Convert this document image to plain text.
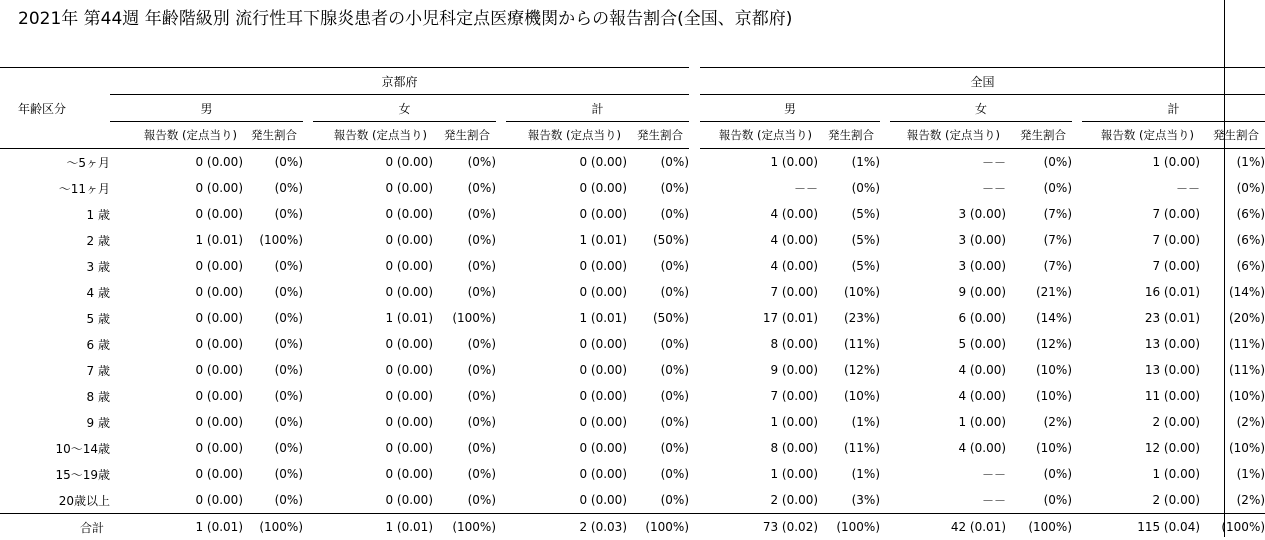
2021年 第44週 年齢階級別 流行性耳下腺炎患者の小児科定点医療機関からの報告割合(全国、京都府)
	京都府									全国							
年齢区分	男			女			計			男			女			計	
	報告数 (定点当り)	発生割合		報告数 (定点当り)	発生割合		報告数 (定点当り)	発生割合		報告数 (定点当り)	発生割合		報告数 (定点当り)	発生割合		報告数 (定点当り)	発生割合
～5ヶ月	0 (0.00)	(0%)		0 (0.00)	(0%)		0 (0.00)	(0%)		1 (0.00)	(1%)		－－	(0%)		1 (0.00)	(1%)
～11ヶ月	0 (0.00)	(0%)		0 (0.00)	(0%)		0 (0.00)	(0%)		－－	(0%)		－－	(0%)		－－	(0%)
1 歳	0 (0.00)	(0%)		0 (0.00)	(0%)		0 (0.00)	(0%)		4 (0.00)	(5%)		3 (0.00)	(7%)		7 (0.00)	(6%)
2 歳	1 (0.01)	(100%)		0 (0.00)	(0%)		1 (0.01)	(50%)		4 (0.00)	(5%)		3 (0.00)	(7%)		7 (0.00)	(6%)
3 歳	0 (0.00)	(0%)		0 (0.00)	(0%)		0 (0.00)	(0%)		4 (0.00)	(5%)		3 (0.00)	(7%)		7 (0.00)	(6%)
4 歳	0 (0.00)	(0%)		0 (0.00)	(0%)		0 (0.00)	(0%)		7 (0.00)	(10%)		9 (0.00)	(21%)		16 (0.01)	(14%)
5 歳	0 (0.00)	(0%)		1 (0.01)	(100%)		1 (0.01)	(50%)		17 (0.01)	(23%)		6 (0.00)	(14%)		23 (0.01)	(20%)
6 歳	0 (0.00)	(0%)		0 (0.00)	(0%)		0 (0.00)	(0%)		8 (0.00)	(11%)		5 (0.00)	(12%)		13 (0.00)	(11%)
7 歳	0 (0.00)	(0%)		0 (0.00)	(0%)		0 (0.00)	(0%)		9 (0.00)	(12%)		4 (0.00)	(10%)		13 (0.00)	(11%)
8 歳	0 (0.00)	(0%)		0 (0.00)	(0%)		0 (0.00)	(0%)		7 (0.00)	(10%)		4 (0.00)	(10%)		11 (0.00)	(10%)
9 歳	0 (0.00)	(0%)		0 (0.00)	(0%)		0 (0.00)	(0%)		1 (0.00)	(1%)		1 (0.00)	(2%)		2 (0.00)	(2%)
10～14歳	0 (0.00)	(0%)		0 (0.00)	(0%)		0 (0.00)	(0%)		8 (0.00)	(11%)		4 (0.00)	(10%)		12 (0.00)	(10%)
15～19歳	0 (0.00)	(0%)		0 (0.00)	(0%)		0 (0.00)	(0%)		1 (0.00)	(1%)		－－	(0%)		1 (0.00)	(1%)
20歳以上	0 (0.00)	(0%)		0 (0.00)	(0%)		0 (0.00)	(0%)		2 (0.00)	(3%)		－－	(0%)		2 (0.00)	(2%)
合計	1 (0.01)	(100%)		1 (0.01)	(100%)		2 (0.03)	(100%)		73 (0.02)	(100%)		42 (0.01)	(100%)		115 (0.04)	(100%)
